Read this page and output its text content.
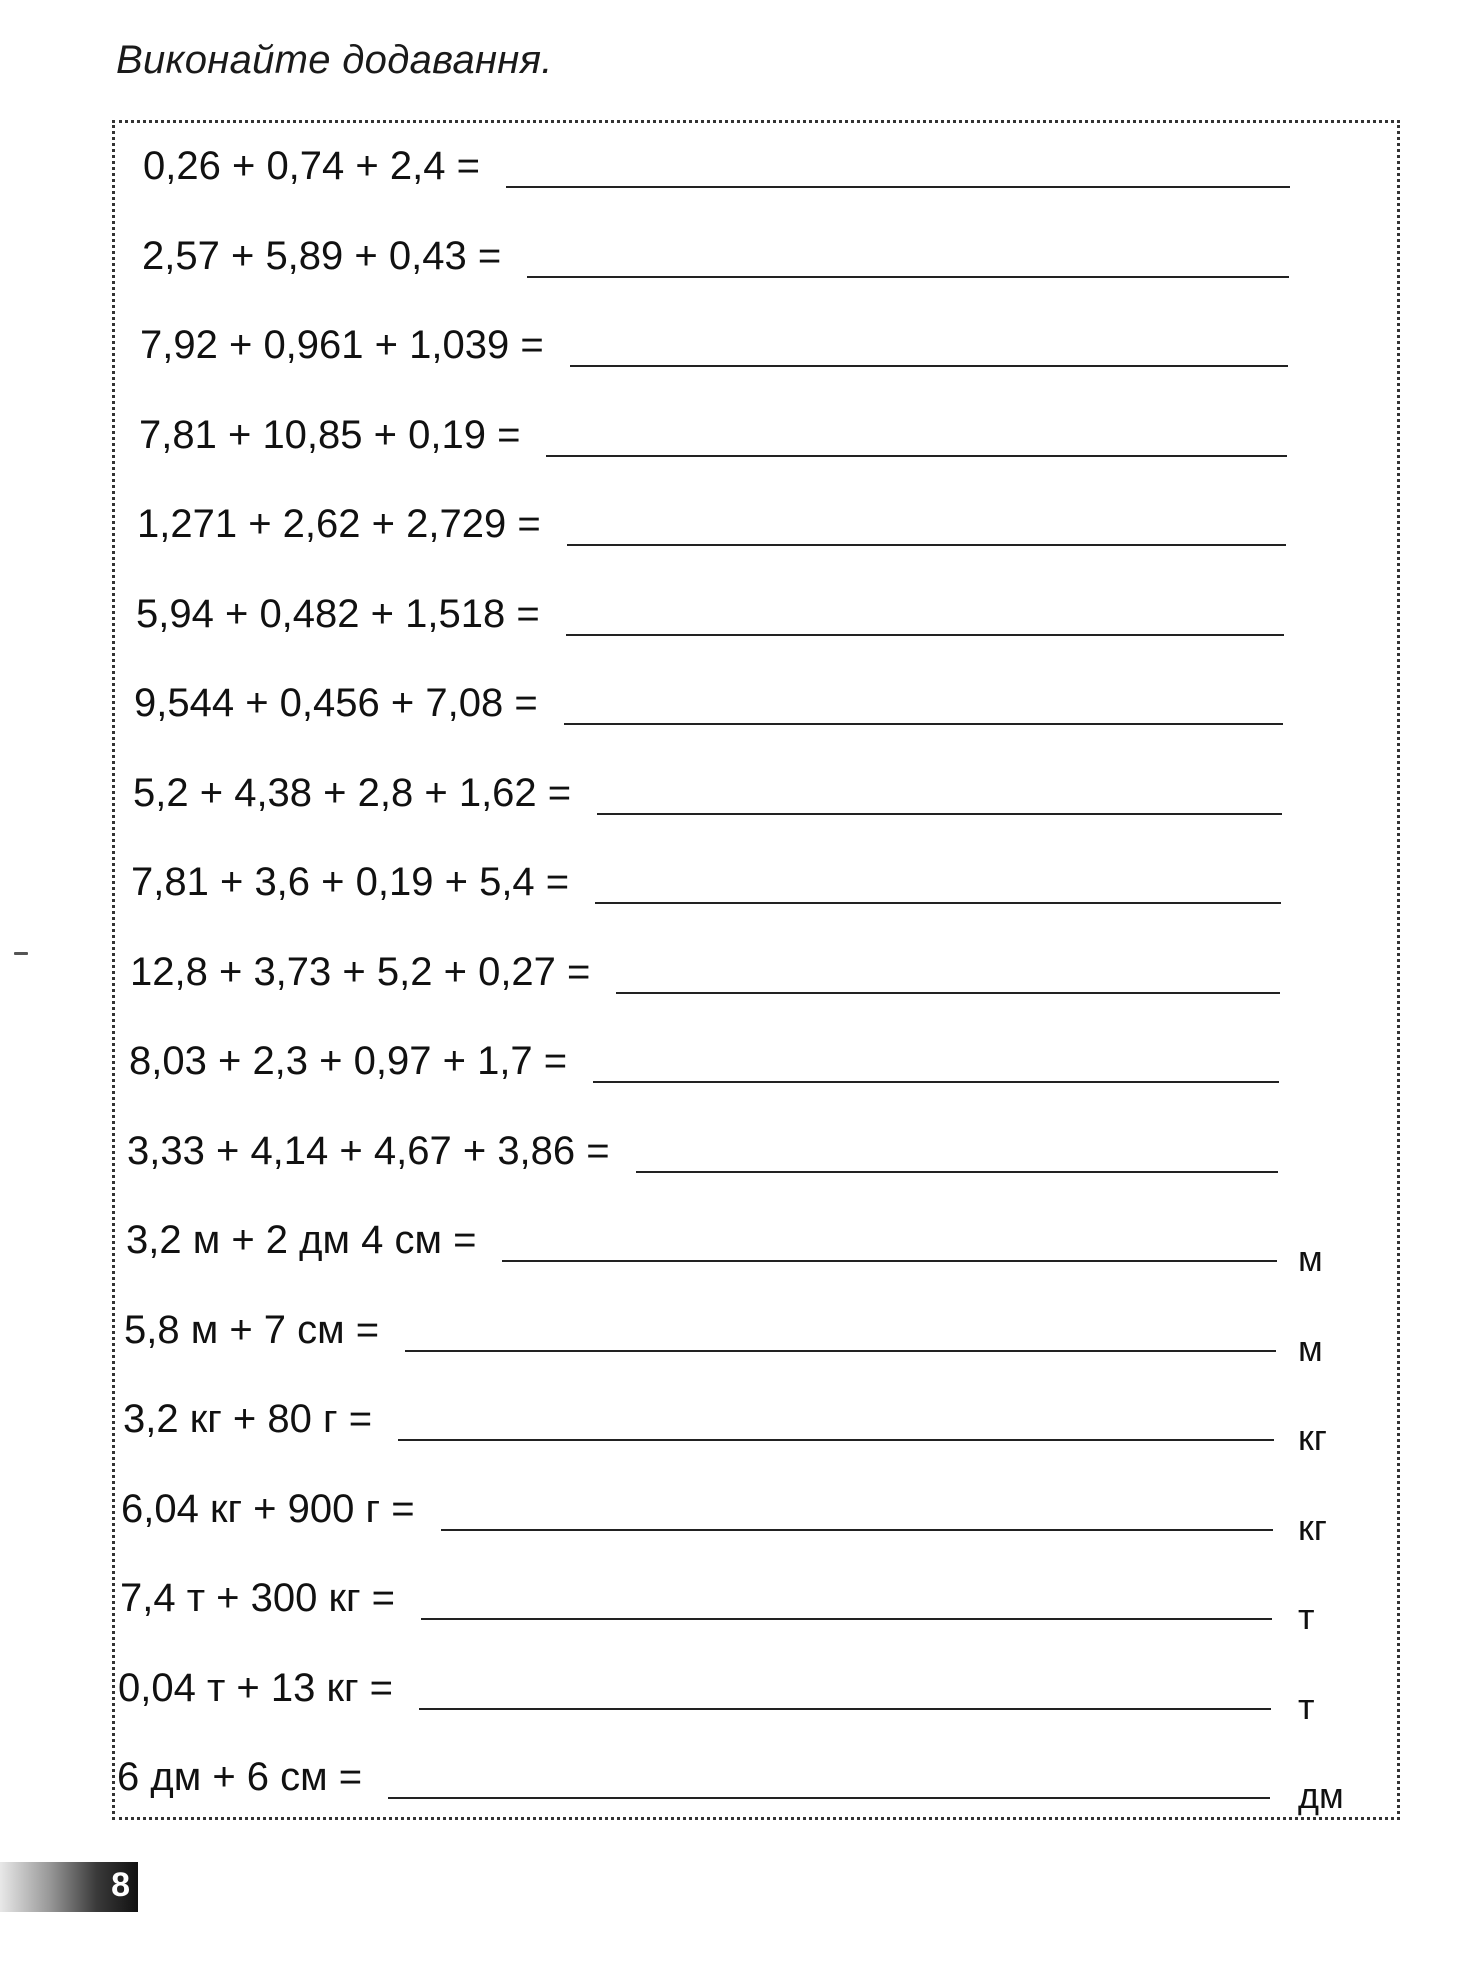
Виконайте додавання.
0,26 + 0,74 + 2,4 =
2,57 + 5,89 + 0,43 =
7,92 + 0,961 + 1,039 =
7,81 + 10,85 + 0,19 =
1,271 + 2,62 + 2,729 =
5,94 + 0,482 + 1,518 =
9,544 + 0,456 + 7,08 =
5,2 + 4,38 + 2,8 + 1,62 =
7,81 + 3,6 + 0,19 + 5,4 =
12,8 + 3,73 + 5,2 + 0,27 =
8,03 + 2,3 + 0,97 + 1,7 =
3,33 + 4,14 + 4,67 + 3,86 =
3,2 м + 2 дм 4 см =	м
5,8 м + 7 см =	м
3,2 кг + 80 г =	кг
6,04 кг + 900 г =	кг
7,4 т + 300 кг =	т
0,04 т + 13 кг =	т
6 дм + 6 см =	дм
8
